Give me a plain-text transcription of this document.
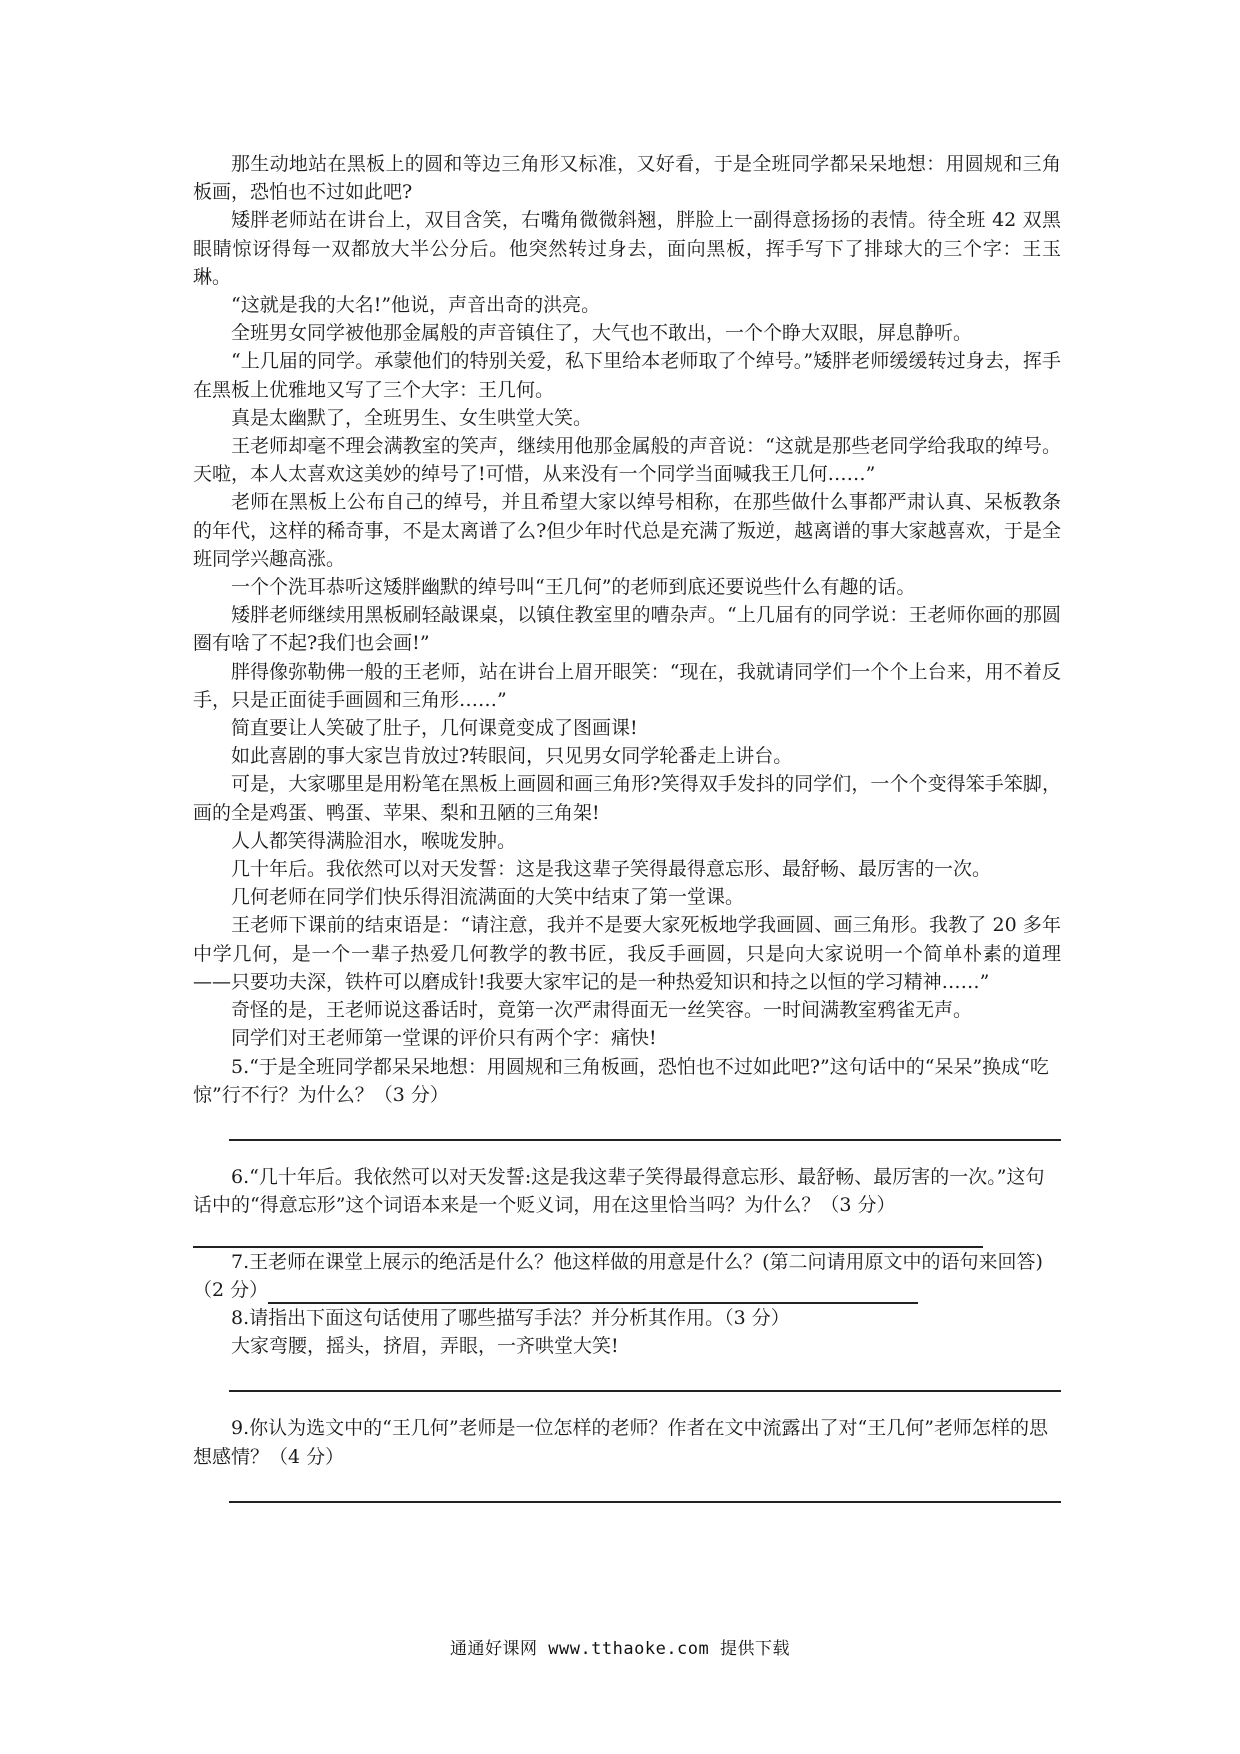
那生动地站在黑板上的圆和等边三角形又标准，又好看，于是全班同学都呆呆地想：用圆规和三角板画，恐怕也不过如此吧?

矮胖老师站在讲台上，双目含笑，右嘴角微微斜翘，胖脸上一副得意扬扬的表情。待全班 42 双黑眼睛惊讶得每一双都放大半公分后。他突然转过身去，面向黑板，挥手写下了排球大的三个字：王玉琳。

“这就是我的大名!”他说，声音出奇的洪亮。

全班男女同学被他那金属般的声音镇住了，大气也不敢出，一个个睁大双眼，屏息静听。

“上几届的同学。承蒙他们的特别关爱，私下里给本老师取了个绰号。”矮胖老师缓缓转过身去，挥手在黑板上优雅地又写了三个大字：王几何。

真是太幽默了，全班男生、女生哄堂大笑。

王老师却毫不理会满教室的笑声，继续用他那金属般的声音说：“这就是那些老同学给我取的绰号。天啦，本人太喜欢这美妙的绰号了!可惜，从来没有一个同学当面喊我王几何……”

老师在黑板上公布自己的绰号，并且希望大家以绰号相称，在那些做什么事都严肃认真、呆板教条的年代，这样的稀奇事，不是太离谱了么?但少年时代总是充满了叛逆，越离谱的事大家越喜欢，于是全班同学兴趣高涨。

一个个洗耳恭听这矮胖幽默的绰号叫“王几何”的老师到底还要说些什么有趣的话。

矮胖老师继续用黑板刷轻敲课桌，以镇住教室里的嘈杂声。“上几届有的同学说：王老师你画的那圆圈有啥了不起?我们也会画!”

胖得像弥勒佛一般的王老师，站在讲台上眉开眼笑：“现在，我就请同学们一个个上台来，用不着反手，只是正面徒手画圆和三角形……”

简直要让人笑破了肚子，几何课竟变成了图画课!

如此喜剧的事大家岂肯放过?转眼间，只见男女同学轮番走上讲台。

可是，大家哪里是用粉笔在黑板上画圆和画三角形?笑得双手发抖的同学们，一个个变得笨手笨脚，画的全是鸡蛋、鸭蛋、苹果、梨和丑陋的三角架!

人人都笑得满脸泪水，喉咙发肿。

几十年后。我依然可以对天发誓：这是我这辈子笑得最得意忘形、最舒畅、最厉害的一次。

几何老师在同学们快乐得泪流满面的大笑中结束了第一堂课。

王老师下课前的结束语是：“请注意，我并不是要大家死板地学我画圆、画三角形。我教了 20 多年中学几何，是一个一辈子热爱几何教学的教书匠，我反手画圆，只是向大家说明一个简单朴素的道理——只要功夫深，铁杵可以磨成针!我要大家牢记的是一种热爱知识和持之以恒的学习精神……”

奇怪的是，王老师说这番话时，竟第一次严肃得面无一丝笑容。一时间满教室鸦雀无声。

同学们对王老师第一堂课的评价只有两个字：痛快!

5.“于是全班同学都呆呆地想：用圆规和三角板画，恐怕也不过如此吧?”这句话中的“呆呆”换成“吃惊”行不行？为什么？（3 分）

6.“几十年后。我依然可以对天发誓:这是我这辈子笑得最得意忘形、最舒畅、最厉害的一次。”这句话中的“得意忘形”这个词语本来是一个贬义词，用在这里恰当吗？为什么？（3 分）

7.王老师在课堂上展示的绝活是什么？他这样做的用意是什么？(第二问请用原文中的语句来回答)（2 分）

8.请指出下面这句话使用了哪些描写手法？并分析其作用。（3 分）

大家弯腰，摇头，挤眉，弄眼，一齐哄堂大笑!

9.你认为选文中的“王几何”老师是一位怎样的老师？作者在文中流露出了对“王几何”老师怎样的思想感情？（4 分）

通通好课网 www.tthaoke.com 提供下载
